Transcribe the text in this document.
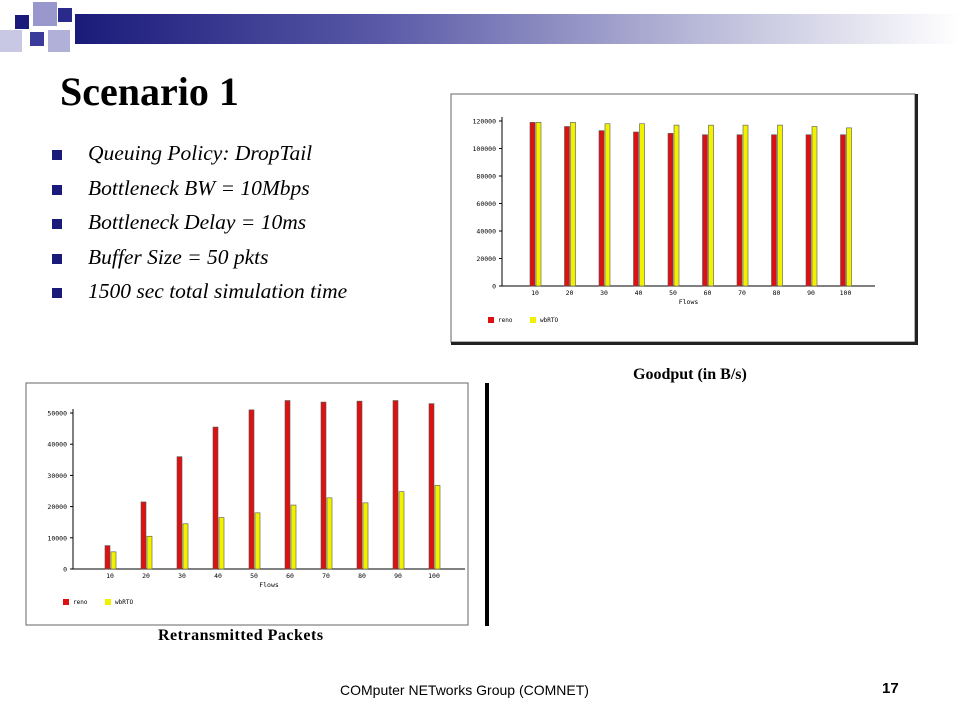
Scenario 1
Queuing Policy: DropTail
Bottleneck BW = 10Mbps
Bottleneck Delay = 10ms
Buffer Size = 50 pkts
1500 sec total simulation time	0
20000
40000
60000
80000
100000
120000
10	20	30	40	50	60	70	80	90	100
Flows
reno	wbRTO
Goodput (in B/s)
0
10000
20000
30000
40000
50000
10	20	30	40	50	60	70	80	90	100
Flows
reno	wbRTO
Retransmitted Packets
COMputer NETworks Group (COMNET)	17
